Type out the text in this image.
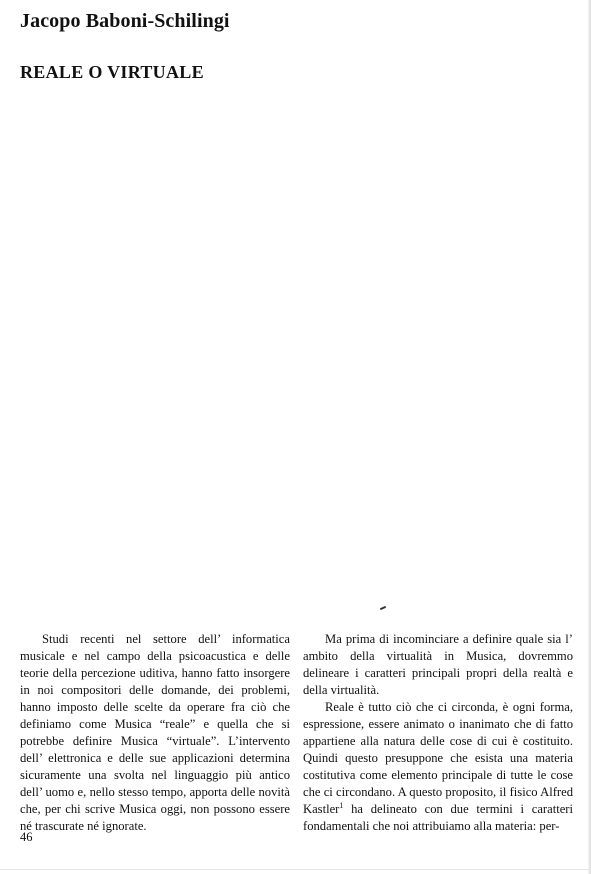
Jacopo Baboni-Schilingi
REALE O VIRTUALE

Studi recenti nel settore dell’ informatica musicale e nel campo della psicoacustica e delle teorie della percezione uditiva, hanno fatto insorgere in noi compositori delle domande, dei problemi, hanno imposto delle scelte da operare fra ciò che definiamo come Musica “reale” e quella che si potrebbe definire Musica “virtuale”. L’intervento dell’ elettronica e delle sue applicazioni determina sicuramente una svolta nel linguaggio più antico dell’ uomo e, nello stesso tempo, apporta delle novità che, per chi scrive Musica oggi, non possono essere né trascurate né ignorate.

Ma prima di incominciare a definire quale sia l’ ambito della virtualità in Musica, dovremmo delineare i caratteri principali propri della realtà e della virtualità.

Reale è tutto ciò che ci circonda, è ogni forma, espressione, essere animato o inanimato che di fatto appartiene alla natura delle cose di cui è costituito. Quindi questo presuppone che esista una materia costitutiva come elemento principale di tutte le cose che ci circondano. A questo proposito, il fisico Alfred Kastler$^1$ ha delineato con due termini i caratteri fondamentali che noi attribuiamo alla materia: per-

46
